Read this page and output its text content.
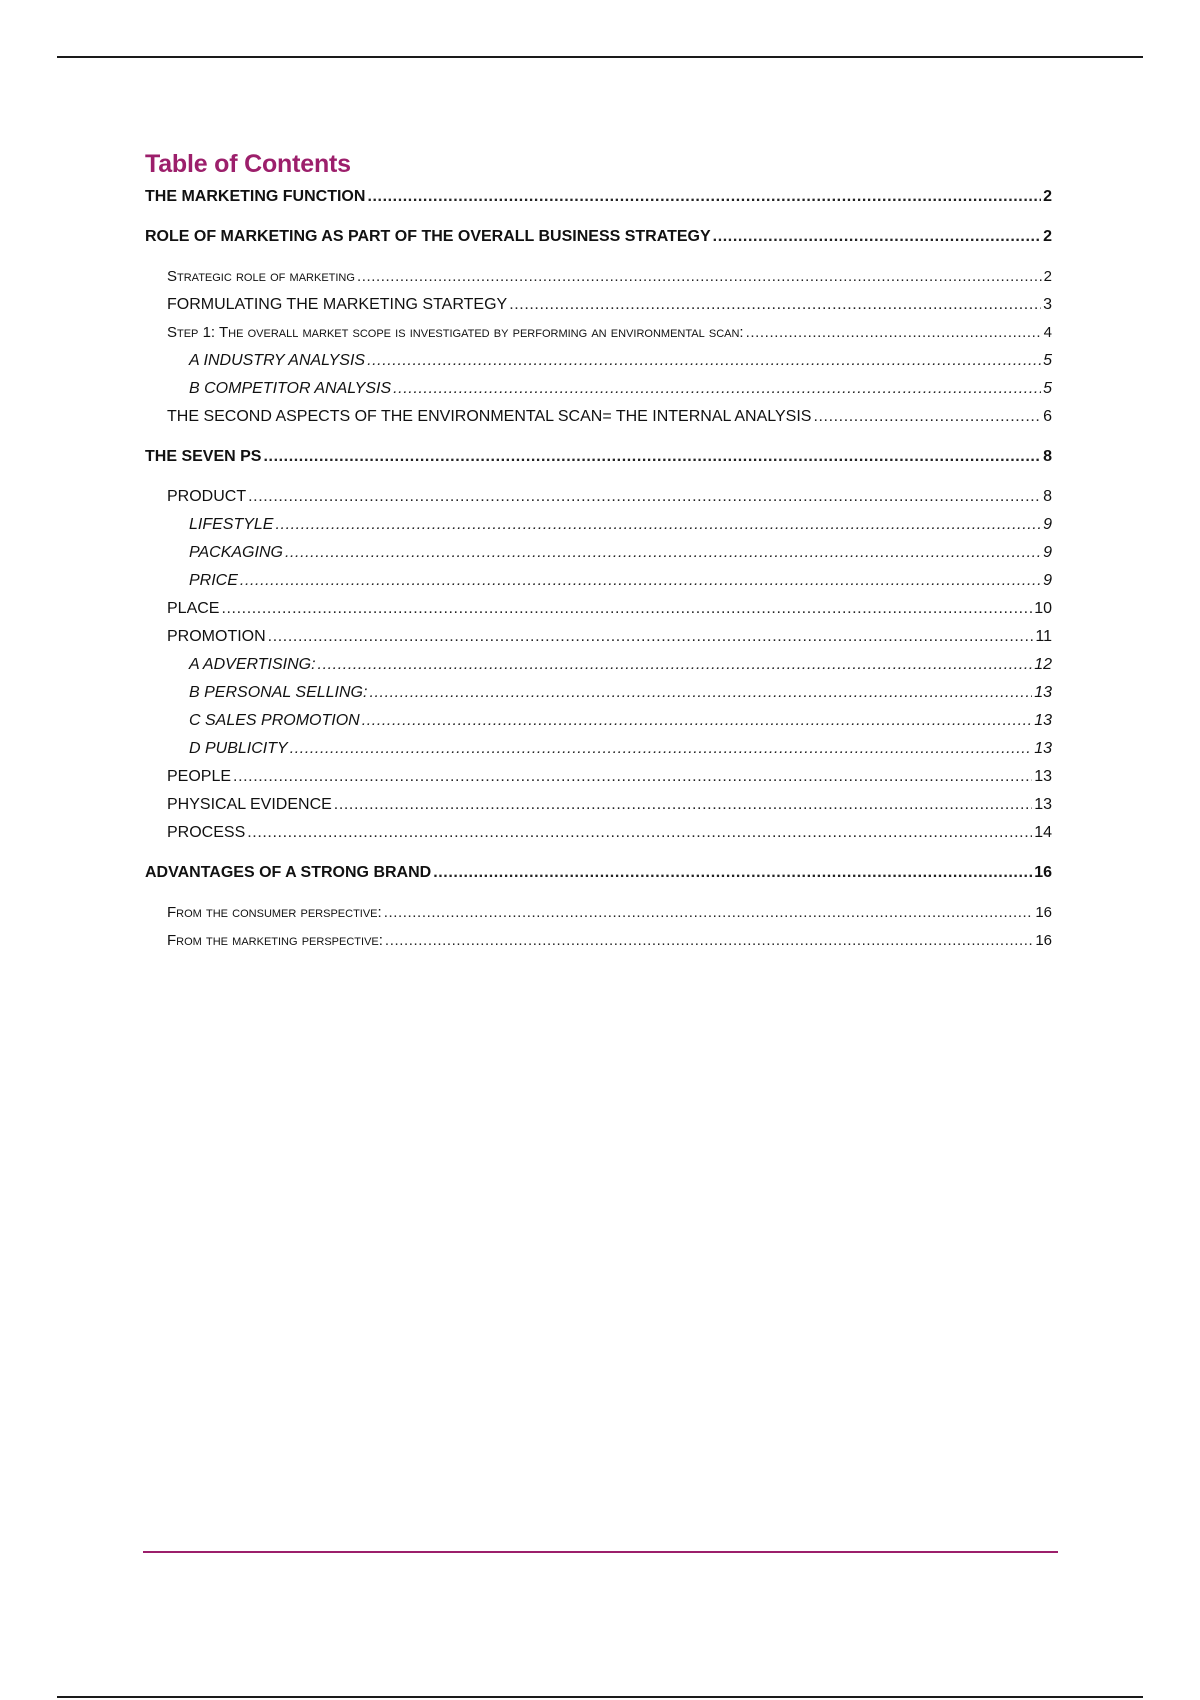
Table of Contents
THE MARKETING FUNCTION .....	2
ROLE OF MARKETING AS PART OF THE OVERALL BUSINESS STRATEGY .....	2
Strategic role of marketing .....	2
FORMULATING THE MARKETING STARTEGY .....	3
Step 1: The overall market scope is investigated by performing an environmental scan: .....	4
A INDUSTRY ANALYSIS .....	5
B COMPETITOR ANALYSIS .....	5
THE SECOND ASPECTS OF THE ENVIRONMENTAL SCAN= THE INTERNAL ANALYSIS .....	6
THE SEVEN PS .....	8
PRODUCT .....	8
LIFESTYLE .....	9
PACKAGING .....	9
PRICE .....	9
PLACE .....	10
PROMOTION .....	11
A ADVERTISING: .....	12
B PERSONAL SELLING: .....	13
C SALES PROMOTION .....	13
D PUBLICITY .....	13
PEOPLE .....	13
PHYSICAL EVIDENCE .....	13
PROCESS .....	14
ADVANTAGES OF A STRONG BRAND .....	16
From the consumer perspective: .....	16
From the marketing perspective: .....	16
